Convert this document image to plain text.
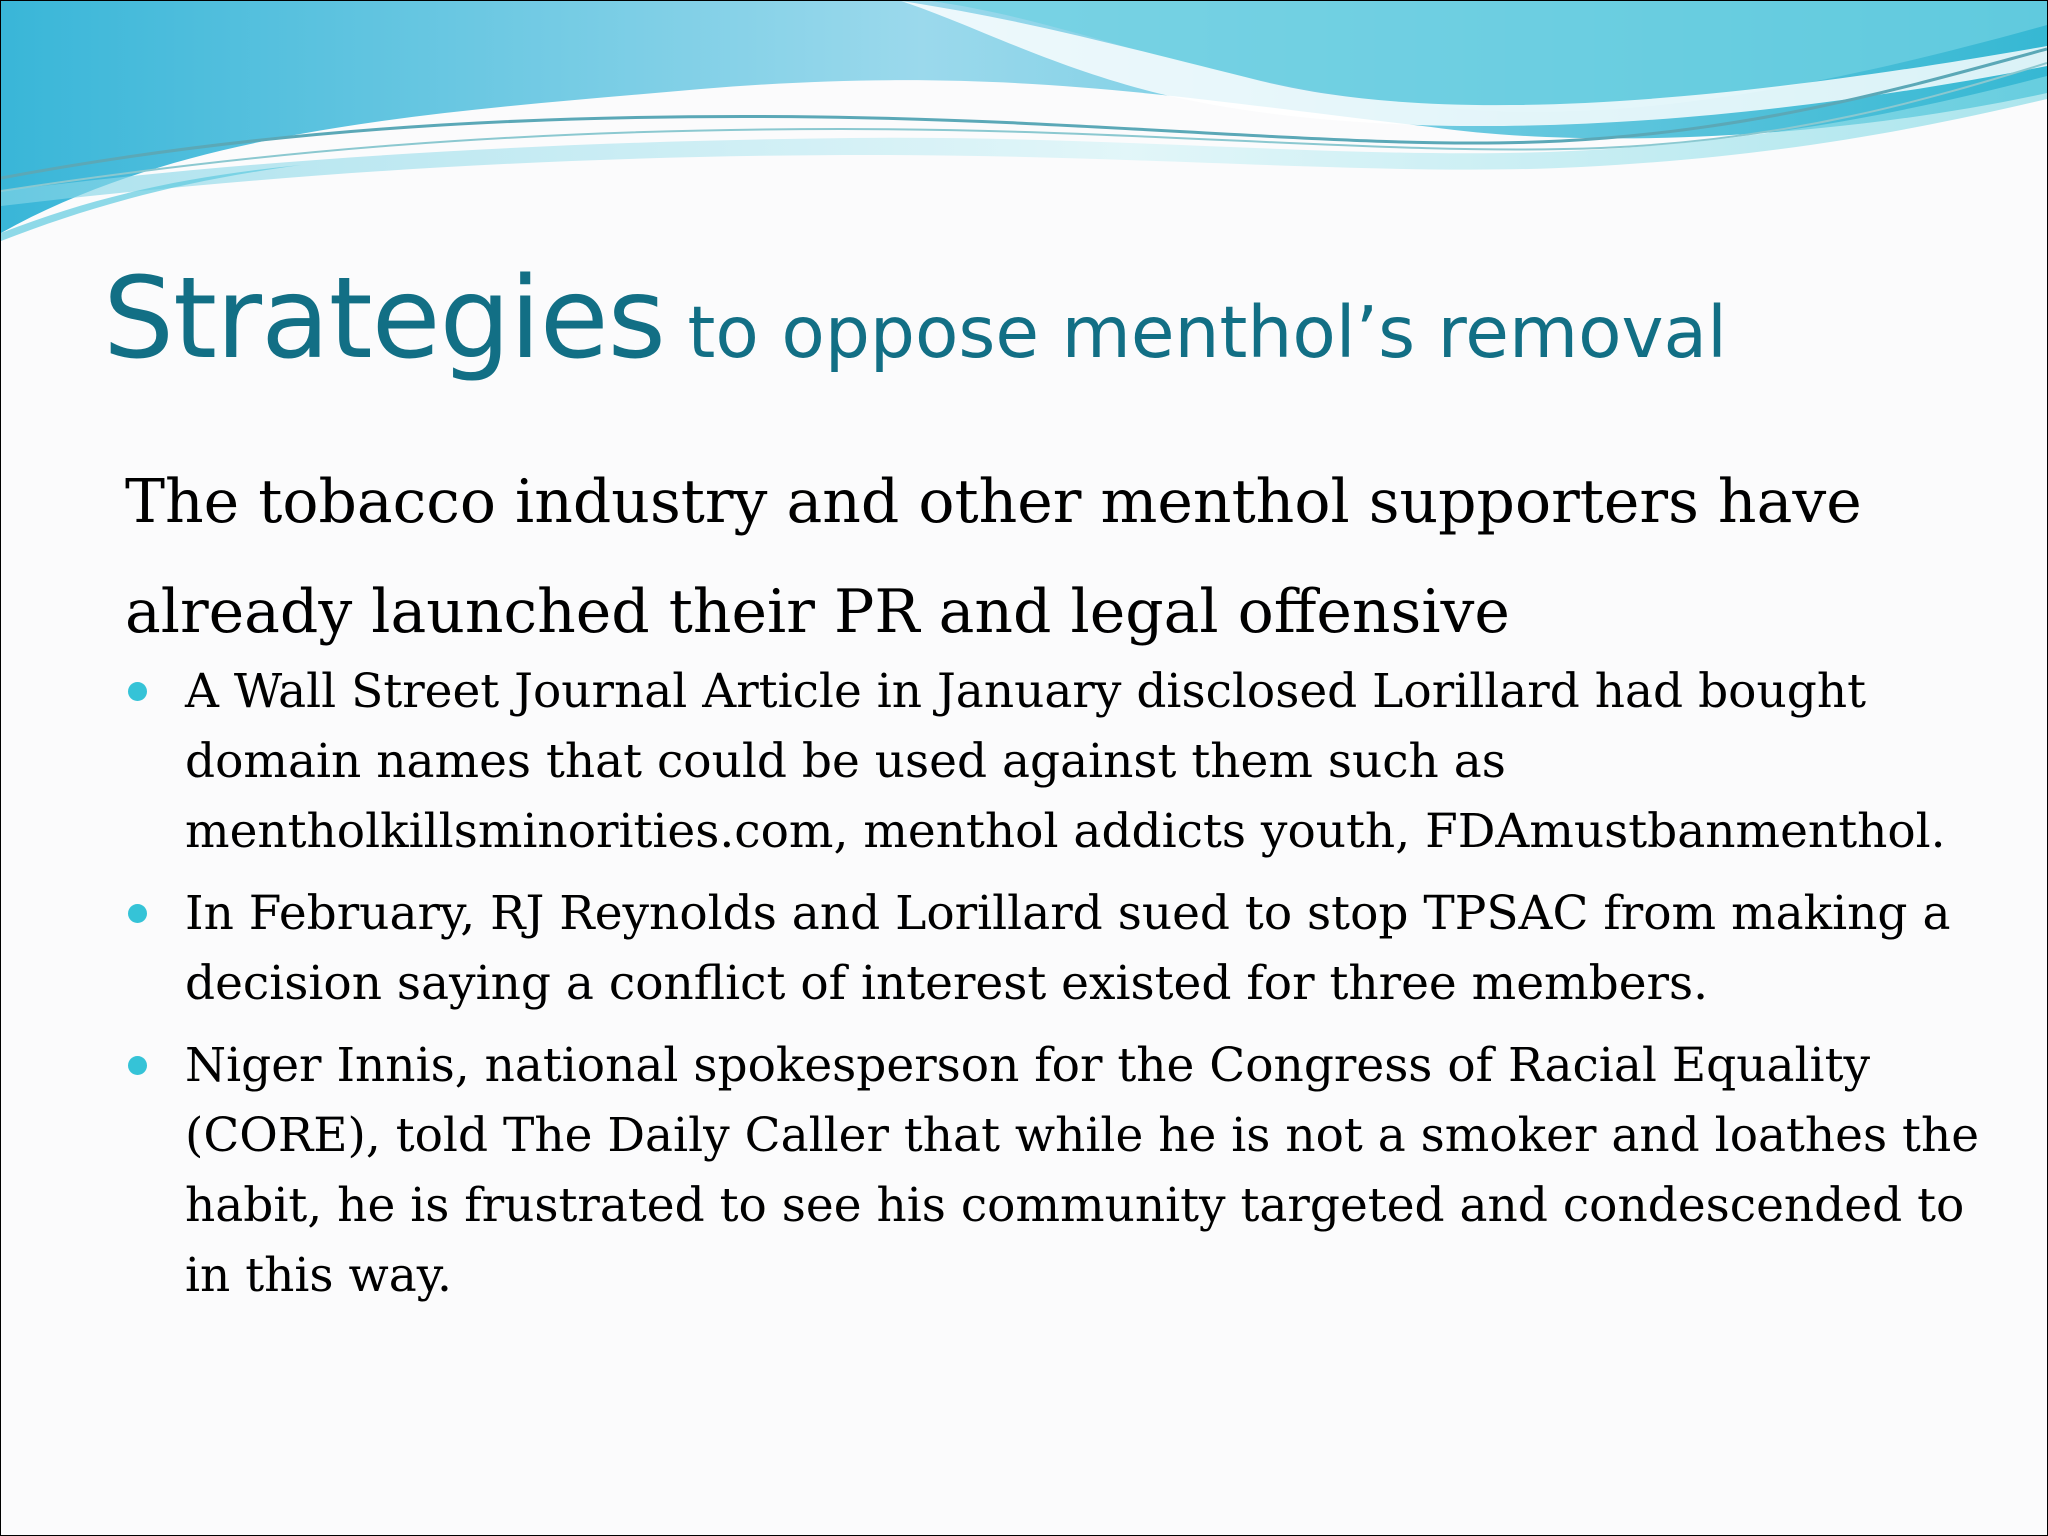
Strategies to oppose menthol’s removal

The tobacco industry and other menthol supporters have already launched their PR and legal offensive

A Wall Street Journal Article in January disclosed Lorillard had bought domain names that could be used against them such as mentholkillsminorities.com, menthol addicts youth, FDAmustbanmenthol.
In February, RJ Reynolds and Lorillard sued to stop TPSAC from making a decision saying a conflict of interest existed for three members.
Niger Innis, national spokesperson for the Congress of Racial Equality (CORE), told The Daily Caller that while he is not a smoker and loathes the habit, he is frustrated to see his community targeted and condescended to in this way.
